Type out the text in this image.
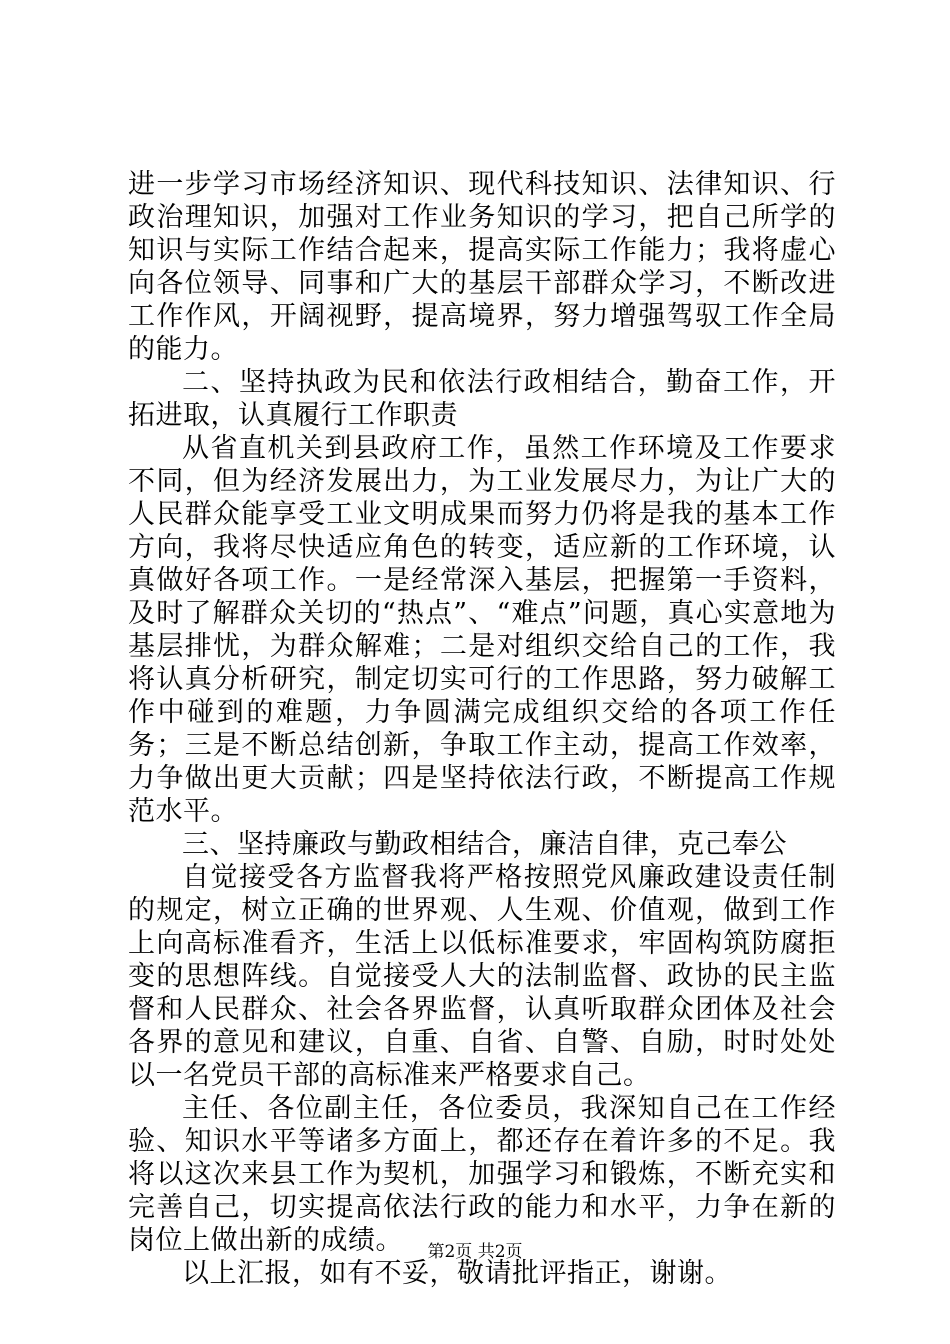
进一步学习市场经济知识、现代科技知识、法律知识、行政治理知识，加强对工作业务知识的学习，把自己所学的知识与实际工作结合起来，提高实际工作能力；我将虚心向各位领导、同事和广大的基层干部群众学习，不断改进工作作风，开阔视野，提高境界，努力增强驾驭工作全局的能力。

二、坚持执政为民和依法行政相结合，勤奋工作，开拓进取，认真履行工作职责

从省直机关到县政府工作，虽然工作环境及工作要求不同，但为经济发展出力，为工业发展尽力，为让广大的人民群众能享受工业文明成果而努力仍将是我的基本工作方向，我将尽快适应角色的转变，适应新的工作环境，认真做好各项工作。一是经常深入基层，把握第一手资料，及时了解群众关切的“热点”、“难点”问题，真心实意地为基层排忧，为群众解难；二是对组织交给自己的工作，我将认真分析研究，制定切实可行的工作思路，努力破解工作中碰到的难题，力争圆满完成组织交给的各项工作任务；三是不断总结创新，争取工作主动，提高工作效率，力争做出更大贡献；四是坚持依法行政，不断提高工作规范水平。

三、坚持廉政与勤政相结合，廉洁自律，克己奉公

自觉接受各方监督我将严格按照党风廉政建设责任制的规定，树立正确的世界观、人生观、价值观，做到工作上向高标准看齐，生活上以低标准要求，牢固构筑防腐拒变的思想阵线。自觉接受人大的法制监督、政协的民主监督和人民群众、社会各界监督，认真听取群众团体及社会各界的意见和建议，自重、自省、自警、自励，时时处处以一名党员干部的高标准来严格要求自己。

主任、各位副主任，各位委员，我深知自己在工作经验、知识水平等诸多方面上，都还存在着许多的不足。我将以这次来县工作为契机，加强学习和锻炼，不断充实和完善自己，切实提高依法行政的能力和水平，力争在新的岗位上做出新的成绩。

以上汇报，如有不妥，敬请批评指正，谢谢。

第2页 共2页
